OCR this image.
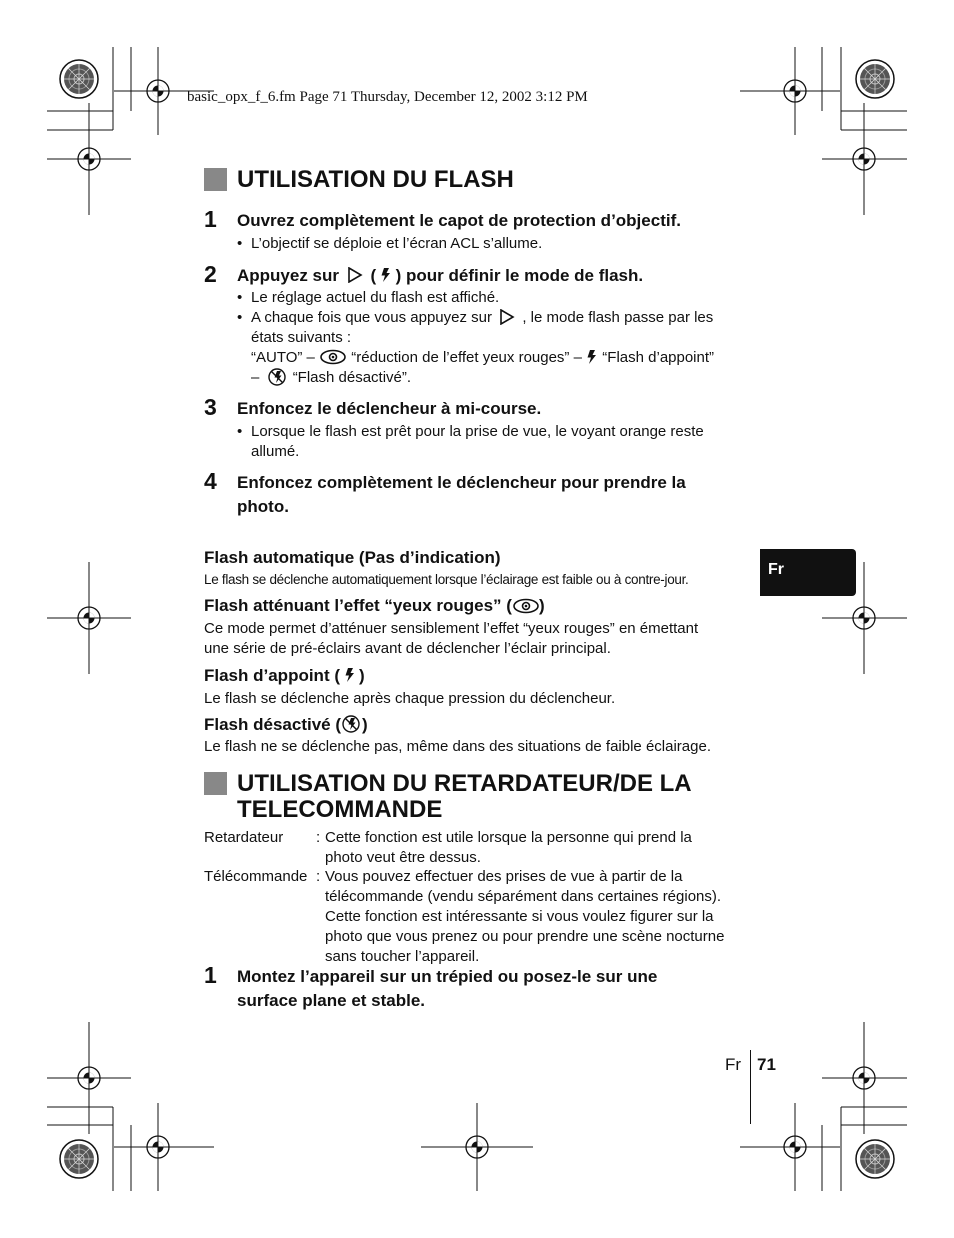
basic_opx_f_6.fm Page 71 Thursday, December 12, 2002 3:12 PM
UTILISATION DU FLASH
1 Ouvrez complètement le capot de protection d’objectif.
• L’objectif se déploie et l’écran ACL s’allume.
2 Appuyez sur ( ) pour définir le mode de flash.
• Le réglage actuel du flash est affiché.
• A chaque fois que vous appuyez sur , le mode flash passe par les
états suivants :
“AUTO” – “réduction de l’effet yeux rouges” – “Flash d’appoint”
– “Flash désactivé”.
3 Enfoncez le déclencheur à mi-course.
• Lorsque le flash est prêt pour la prise de vue, le voyant orange reste
allumé.
4 Enfoncez complètement le déclencheur pour prendre la
photo.
Flash automatique (Pas d’indication)
Le flash se déclenche automatiquement lorsque l’éclairage est faible ou à contre-jour.
Flash atténuant l’effet “yeux rouges” ( )
Ce mode permet d’atténuer sensiblement l’effet “yeux rouges” en émettant
une série de pré-éclairs avant de déclencher l’éclair principal.
Flash d’appoint ( )
Le flash se déclenche après chaque pression du déclencheur.
Flash désactivé ( )
Le flash ne se déclenche pas, même dans des situations de faible éclairage.
UTILISATION DU RETARDATEUR/DE LA
TELECOMMANDE
Retardateur : Cette fonction est utile lorsque la personne qui prend la
photo veut être dessus.
Télécommande : Vous pouvez effectuer des prises de vue à partir de la
télécommande (vendu séparément dans certaines régions).
Cette fonction est intéressante si vous voulez figurer sur la
photo que vous prenez ou pour prendre une scène nocturne
sans toucher l’appareil.
1 Montez l’appareil sur un trépied ou posez-le sur une
surface plane et stable.
Fr
Fr 71
